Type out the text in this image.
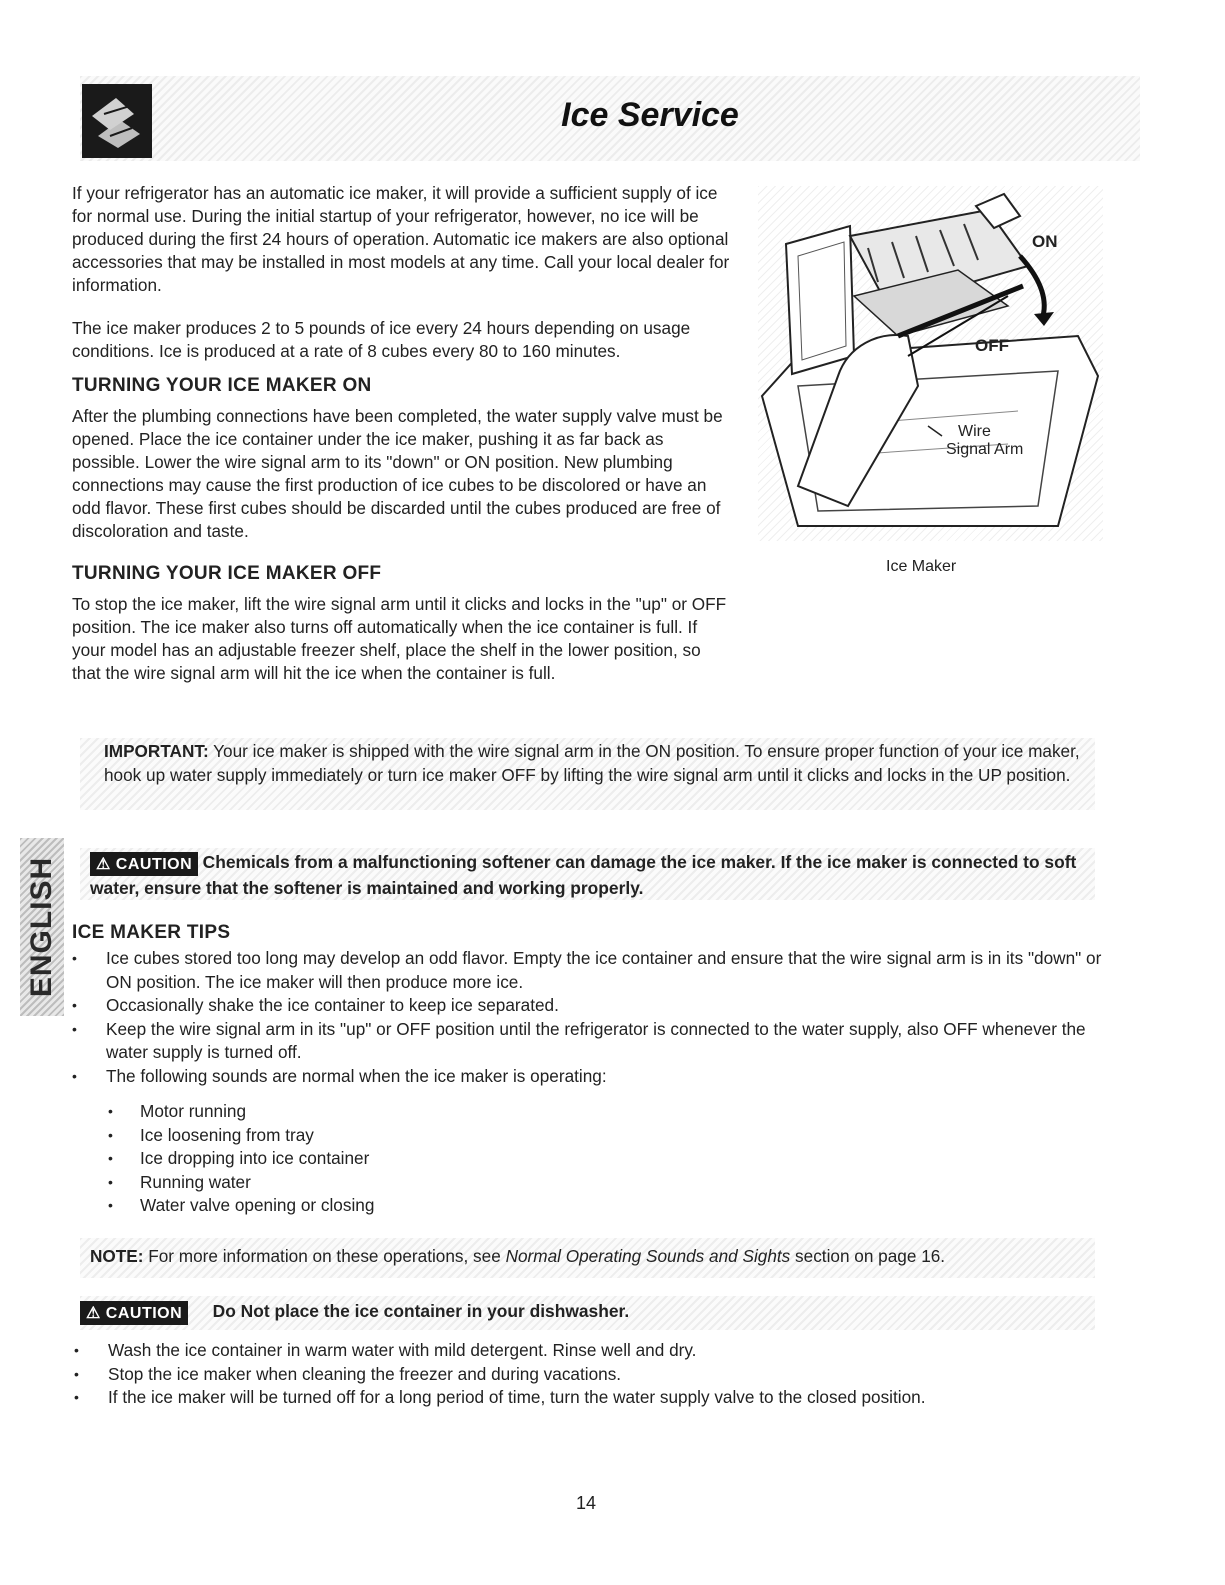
Ice Service

If your refrigerator has an automatic ice maker, it will provide a sufficient supply of ice for normal use. During the initial startup of your refrigerator, however, no ice will be produced during the first 24 hours of operation. Automatic ice makers are also optional accessories that may be installed in most models at any time. Call your local dealer for information.

The ice maker produces 2 to 5 pounds of ice every 24 hours depending on usage conditions. Ice is produced at a rate of 8 cubes every 80 to 160 minutes.

TURNING YOUR ICE MAKER ON

After the plumbing connections have been completed, the water supply valve must be opened. Place the ice container under the ice maker, pushing it as far back as possible. Lower the wire signal arm to its "down" or ON position. New plumbing connections may cause the first production of ice cubes to be discolored or have an odd flavor. These first cubes should be discarded until the cubes produced are free of discoloration and taste.

TURNING YOUR ICE MAKER OFF

To stop the ice maker, lift the wire signal arm until it clicks and locks in the "up" or OFF position. The ice maker also turns off automatically when the ice container is full. If your model has an adjustable freezer shelf, place the shelf in the lower position, so that the wire signal arm will hit the ice when the container is full.

ON
OFF
Wire
Signal Arm
Ice Maker

IMPORTANT: Your ice maker is shipped with the wire signal arm in the ON position. To ensure proper function of your ice maker, hook up water supply immediately or turn ice maker OFF by lifting the wire signal arm until it clicks and locks in the UP position.

⚠ CAUTION Chemicals from a malfunctioning softener can damage the ice maker. If the ice maker is connected to soft water, ensure that the softener is maintained and working properly.
ENGLISH ICE MAKER TIPS
• Ice cubes stored too long may develop an odd flavor. Empty the ice container and ensure that the wire signal arm is in its "down" or ON position. The ice maker will then produce more ice.
• Occasionally shake the ice container to keep ice separated.
• Keep the wire signal arm in its "up" or OFF position until the refrigerator is connected to the water supply, also OFF whenever the water supply is turned off.
• The following sounds are normal when the ice maker is operating:
• Motor running
• Ice loosening from tray
• Ice dropping into ice container
• Running water
• Water valve opening or closing
NOTE: For more information on these operations, see Normal Operating Sounds and Sights section on page 16.
⚠ CAUTION Do Not place the ice container in your dishwasher.
• Wash the ice container in warm water with mild detergent. Rinse well and dry.
• Stop the ice maker when cleaning the freezer and during vacations.
• If the ice maker will be turned off for a long period of time, turn the water supply valve to the closed position.
14
